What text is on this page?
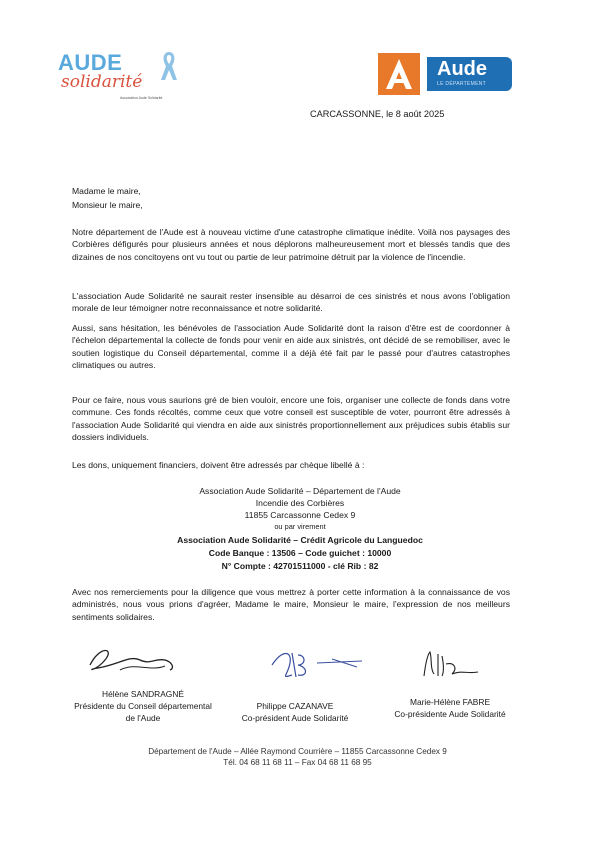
AUDE
solidarité
Association Aude Solidarité
Aude
LE DÉPARTEMENT
CARCASSONNE, le 8 août 2025
Madame le maire,
Monsieur le maire,
Notre département de l'Aude est à nouveau victime d'une catastrophe climatique inédite. Voilà nos paysages des Corbières défigurés pour plusieurs années et nous déplorons malheureusement mort et blessés tandis que des dizaines de nos concitoyens ont vu tout ou partie de leur patrimoine détruit par la violence de l'incendie.
L'association Aude Solidarité ne saurait rester insensible au désarroi de ces sinistrés et nous avons l'obligation morale de leur témoigner notre reconnaissance et notre solidarité.
Aussi, sans hésitation, les bénévoles de l'association Aude Solidarité dont la raison d'être est de coordonner à l'échelon départemental la collecte de fonds pour venir en aide aux sinistrés, ont décidé de se remobiliser, avec le soutien logistique du Conseil départemental, comme il a déjà été fait par le passé pour d'autres catastrophes climatiques ou autres.
Pour ce faire, nous vous saurions gré de bien vouloir, encore une fois, organiser une collecte de fonds dans votre commune. Ces fonds récoltés, comme ceux que votre conseil est susceptible de voter, pourront être adressés à l'association Aude Solidarité qui viendra en aide aux sinistrés proportionnellement aux préjudices subis établis sur dossiers individuels.
Les dons, uniquement financiers, doivent être adressés par chèque libellé à :
Association Aude Solidarité – Département de l'Aude
Incendie des Corbières
11855 Carcassonne Cedex 9
ou par virement
Association Aude Solidarité – Crédit Agricole du Languedoc
Code Banque : 13506 – Code guichet : 10000
N° Compte : 42701511000 - clé Rib : 82
Avec nos remerciements pour la diligence que vous mettrez à porter cette information à la connaissance de vos administrés, nous vous prions d'agréer, Madame le maire, Monsieur le maire, l'expression de nos meilleurs sentiments solidaires.
Hélène SANDRAGNÉ
Présidente du Conseil départemental
de l'Aude
Philippe CAZANAVE
Co-président Aude Solidarité
Marie-Hélène FABRE
Co-présidente Aude Solidarité
Département de l'Aude – Allée Raymond Courrière – 11855 Carcassonne Cedex 9
Tél. 04 68 11 68 11 – Fax 04 68 11 68 95
